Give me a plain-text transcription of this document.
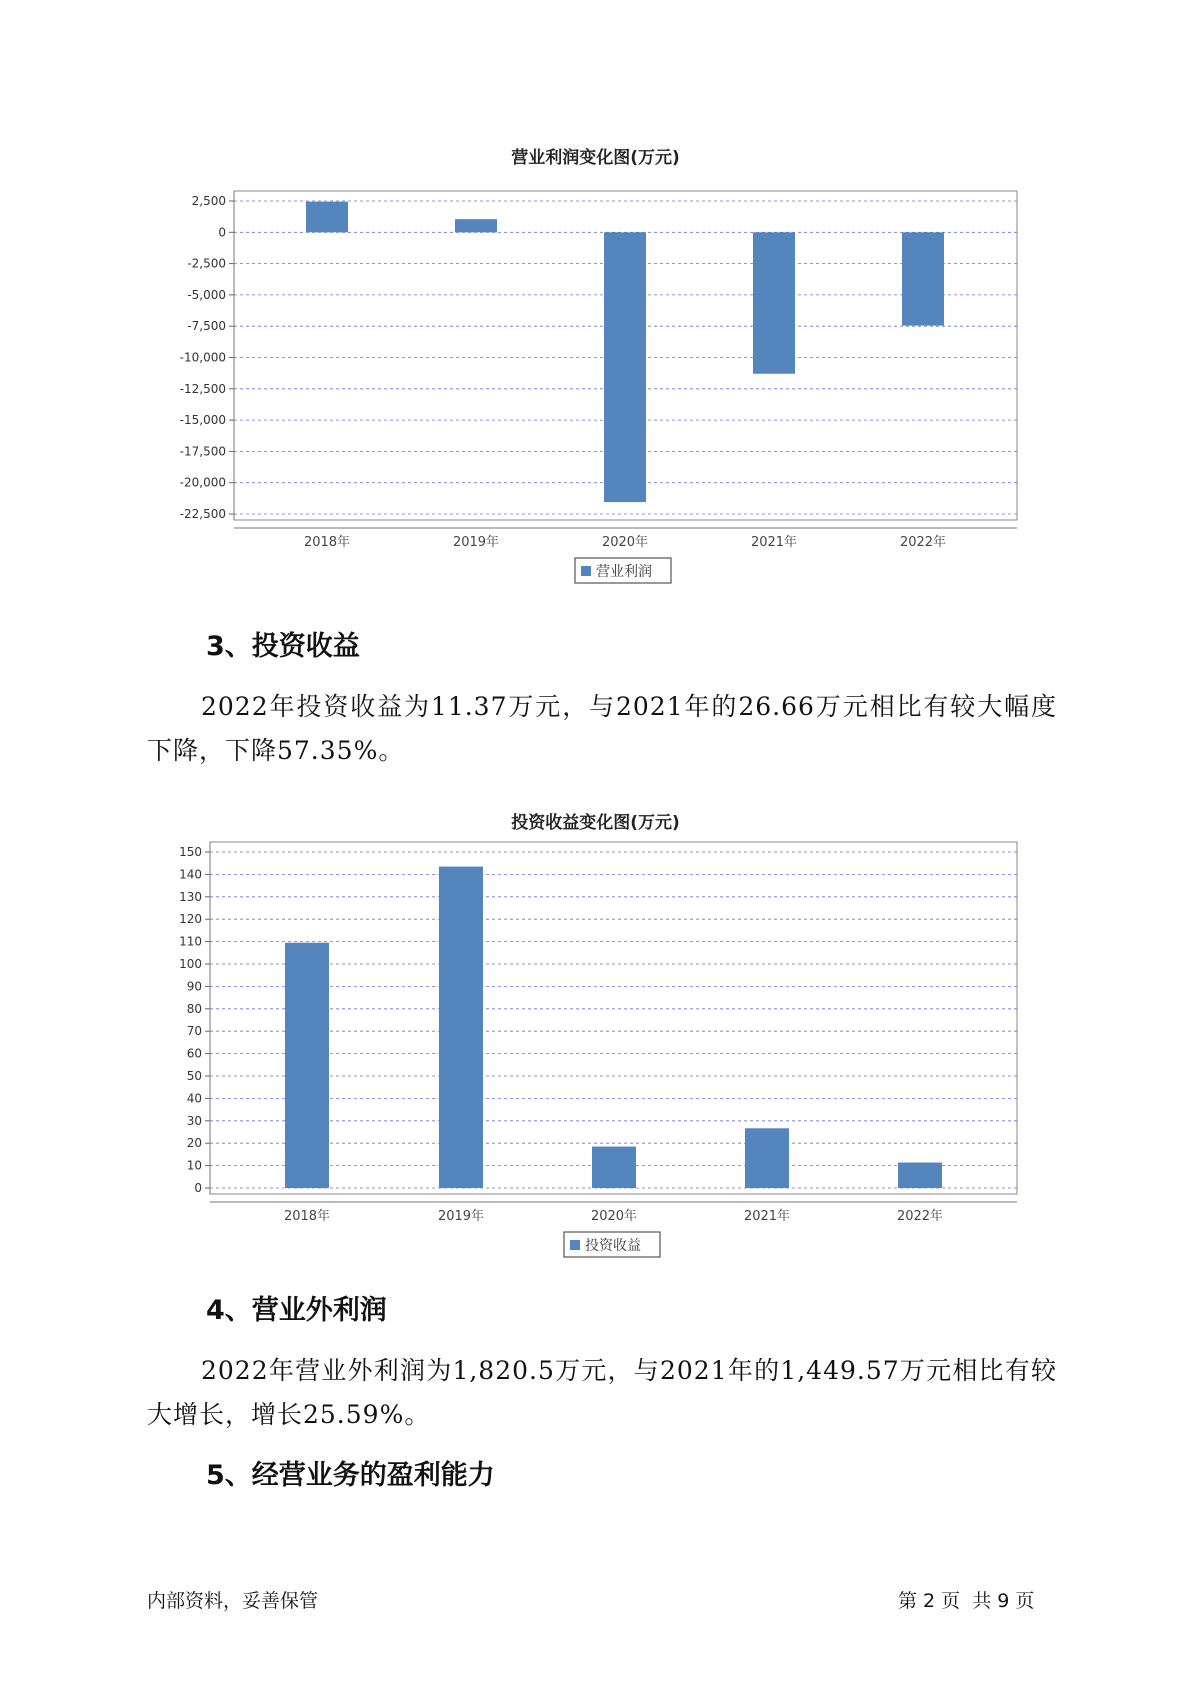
营业利润变化图(万元)
2,500
0
-2,500
-5,000
-7,500
-10,000
-12,500
-15,000
-17,500
-20,000
-22,500
2018年	2019年	2020年	2021年	2022年
营业利润
投资收益变化图(万元)
150
140
130
120
110
100
90
80
70
60
50
40
30
20
10
0
2018年	2019年	2020年	2021年	2022年
投资收益
3、投资收益

2022年投资收益为11.37万元，与2021年的26.66万元相比有较大幅度下降，下降57.35%。

4、营业外利润

2022年营业外利润为1,820.5万元，与2021年的1,449.57万元相比有较大增长，增长25.59%。

5、经营业务的盈利能力
内部资料，妥善保管	第 2 页  共 9 页
